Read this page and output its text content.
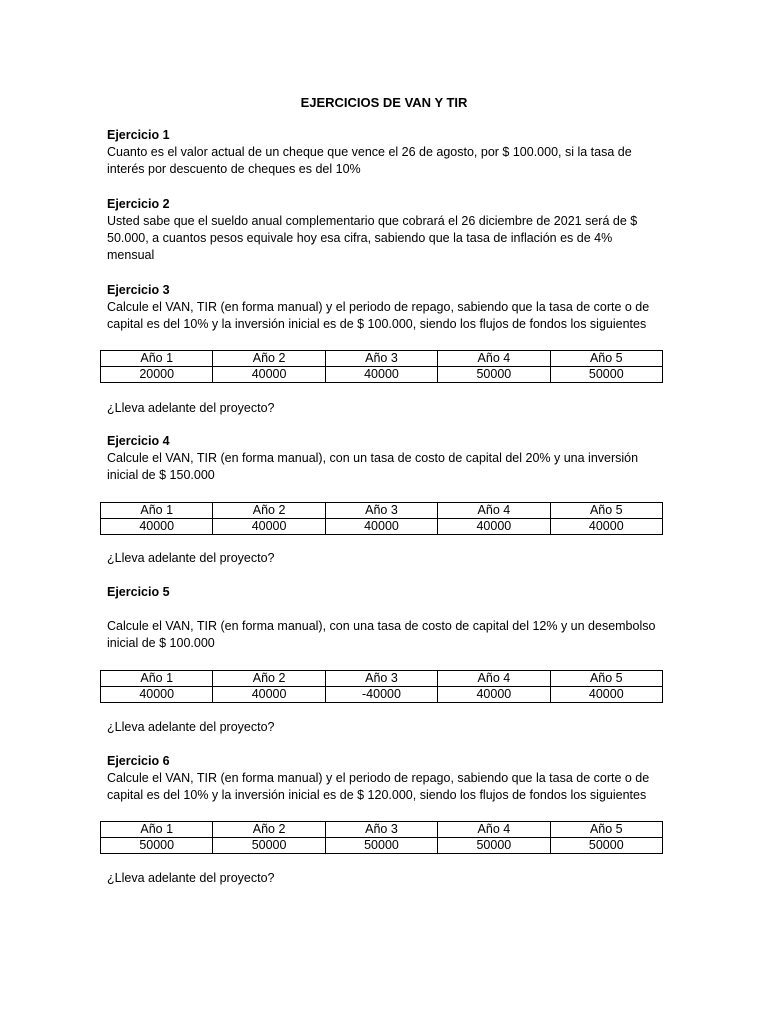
EJERCICIOS DE VAN Y TIR

Ejercicio 1

Cuanto es el valor actual de un cheque que vence el 26 de agosto, por $ 100.000, si la tasa de

interés por descuento de cheques es del 10%

Ejercicio 2

Usted sabe que el sueldo anual complementario que cobrará el 26 diciembre de 2021 será de $

50.000, a cuantos pesos equivale hoy esa cifra, sabiendo que la tasa de inflación es de 4%

mensual

Ejercicio 3

Calcule el VAN, TIR (en forma manual) y el periodo de repago, sabiendo que la tasa de corte o de

capital es del 10% y la inversión inicial es de $ 100.000, siendo los flujos de fondos los siguientes

Año 1	Año 2	Año 3	Año 4	Año 5
20000	40000	40000	50000	50000

¿Lleva adelante del proyecto?

Ejercicio 4

Calcule el VAN, TIR (en forma manual), con un tasa de costo de capital del 20% y una inversión

inicial de $ 150.000

Año 1	Año 2	Año 3	Año 4	Año 5
40000	40000	40000	40000	40000

¿Lleva adelante del proyecto?

Ejercicio 5

Calcule el VAN, TIR (en forma manual), con una tasa de costo de capital del 12% y un desembolso

inicial de $ 100.000

Año 1	Año 2	Año 3	Año 4	Año 5
40000	40000	-40000	40000	40000

¿Lleva adelante del proyecto?

Ejercicio 6

Calcule el VAN, TIR (en forma manual) y el periodo de repago, sabiendo que la tasa de corte o de

capital es del 10% y la inversión inicial es de $ 120.000, siendo los flujos de fondos los siguientes

Año 1	Año 2	Año 3	Año 4	Año 5
50000	50000	50000	50000	50000

¿Lleva adelante del proyecto?
